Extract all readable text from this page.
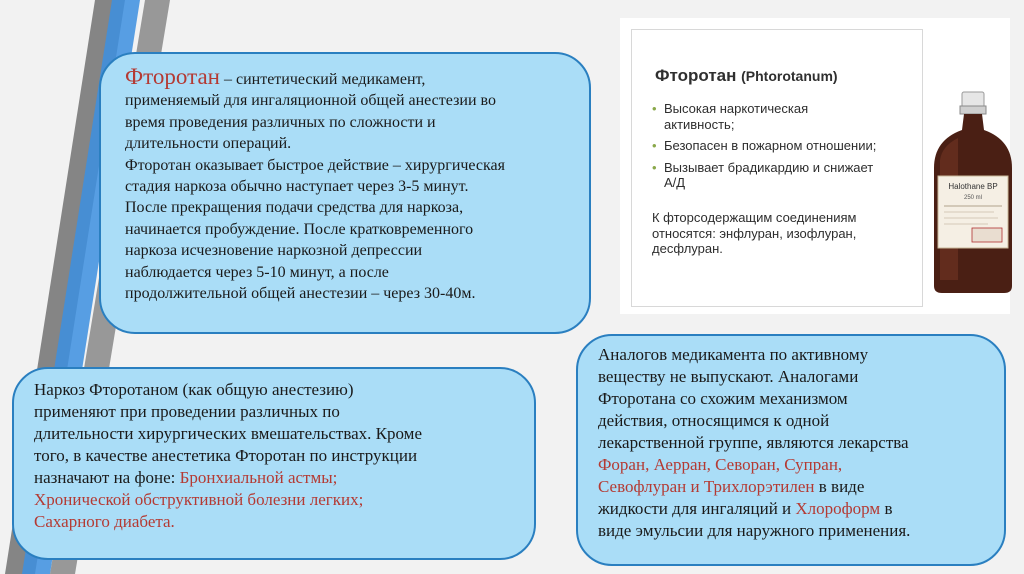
Фторотан – синтетический медикамент,

применяемый для ингаляционной общей анестезии во

время проведения различных по сложности и

длительности операций.

Фторотан оказывает быстрое действие – хирургическая

стадия наркоза обычно наступает через 3-5 минут.

После прекращения подачи средства для наркоза,

начинается пробуждение. После кратковременного

наркоза исчезновение наркозной депрессии

наблюдается через 5-10 минут, а после

продолжительной общей анестезии – через 30-40м.

Фторотан (Phtorotanum)
• Высокая наркотическая активность;
• Безопасен в пожарном отношении;
• Вызывает брадикардию и снижает А/Д
К фторсодержащим соединениям относятся: энфлуран, изофлуран, десфлуран.
Halothane BP
250 ml

Наркоз Фторотаном (как общую анестезию)

применяют при проведении различных по

длительности хирургических вмешательствах. Кроме

того, в качестве анестетика Фторотан по инструкции

назначают на фоне: Бронхиальной астмы;

Хронической обструктивной болезни легких;

Сахарного диабета.

Аналогов медикамента по активному

веществу не выпускают. Аналогами

Фторотана со схожим механизмом

действия, относящимся к одной

лекарственной группе, являются лекарства

Форан, Аерран, Севоран, Супран,

Севофлуран и Трихлорэтилен в виде

жидкости для ингаляций и Хлороформ в

виде эмульсии для наружного применения.
